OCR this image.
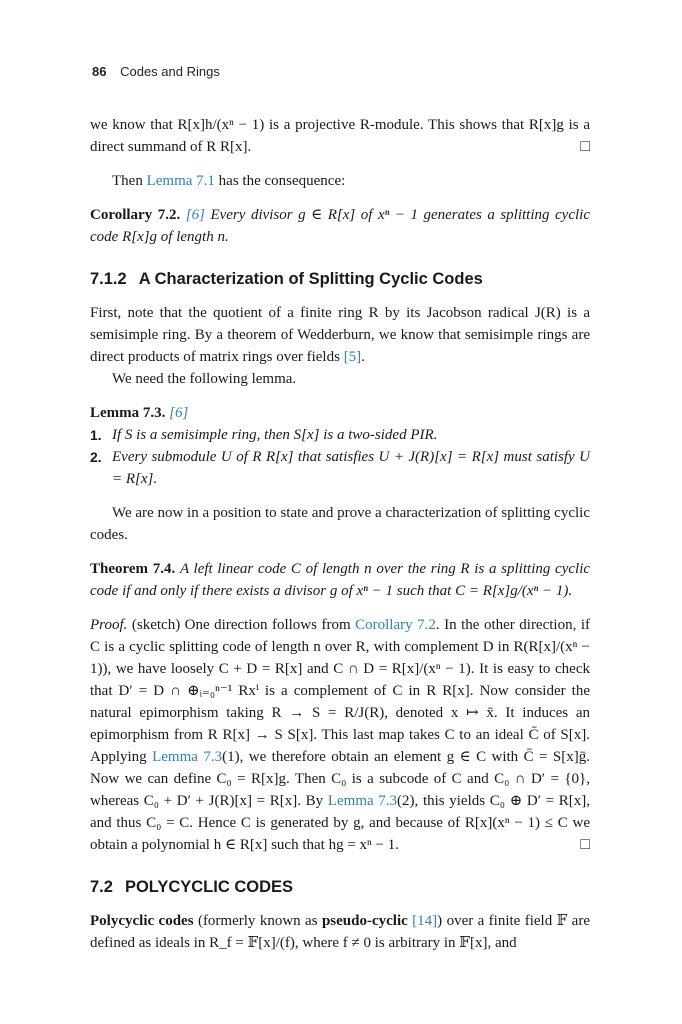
86 Codes and Rings

we know that R[x]h/(xⁿ − 1) is a projective R-module. This shows that R[x]g is a direct summand of R R[x].	□

Then Lemma 7.1 has the consequence:

Corollary 7.2. [6] Every divisor g ∈ R[x] of xⁿ − 1 generates a splitting cyclic code R[x]g of length n.

7.1.2 A Characterization of Splitting Cyclic Codes

First, note that the quotient of a finite ring R by its Jacobson radical J(R) is a semisimple ring. By a theorem of Wedderburn, we know that semisimple rings are direct products of matrix rings over fields [5].

We need the following lemma.

Lemma 7.3. [6]

1. If S is a semisimple ring, then S[x] is a two-sided PIR.
2. Every submodule U of R R[x] that satisfies U + J(R)[x] = R[x] must satisfy U = R[x].

We are now in a position to state and prove a characterization of splitting cyclic codes.

Theorem 7.4. A left linear code C of length n over the ring R is a splitting cyclic code if and only if there exists a divisor g of xⁿ − 1 such that C = R[x]g/(xⁿ − 1).

Proof. (sketch) One direction follows from Corollary 7.2. In the other direction, if C is a cyclic splitting code of length n over R, with complement D in R(R[x]/(xⁿ − 1)), we have loosely C + D = R[x] and C ∩ D = R[x]/(xⁿ − 1). It is easy to check that D′ = D ∩ ⊕ᵢ₌₀ⁿ⁻¹ Rxⁱ is a complement of C in R R[x]. Now consider the natural epimorphism taking R → S = R/J(R), denoted x ↦ x̄. It induces an epimorphism from R R[x] → S S[x]. This last map takes C to an ideal C̄ of S[x]. Applying Lemma 7.3(1), we therefore obtain an element g ∈ C with C̄ = S[x]ḡ. Now we can define C₀ = R[x]g. Then C₀ is a subcode of C and C₀ ∩ D′ = {0}, whereas C₀ + D′ + J(R)[x] = R[x]. By Lemma 7.3(2), this yields C₀ ⊕ D′ = R[x], and thus C₀ = C. Hence C is generated by g, and because of R[x](xⁿ − 1) ≤ C we obtain a polynomial h ∈ R[x] such that hg = xⁿ − 1.	□

7.2 POLYCYCLIC CODES

Polycyclic codes (formerly known as pseudo-cyclic [14]) over a finite field 𝔽 are defined as ideals in R_f = 𝔽[x]/(f), where f ≠ 0 is arbitrary in 𝔽[x], and
